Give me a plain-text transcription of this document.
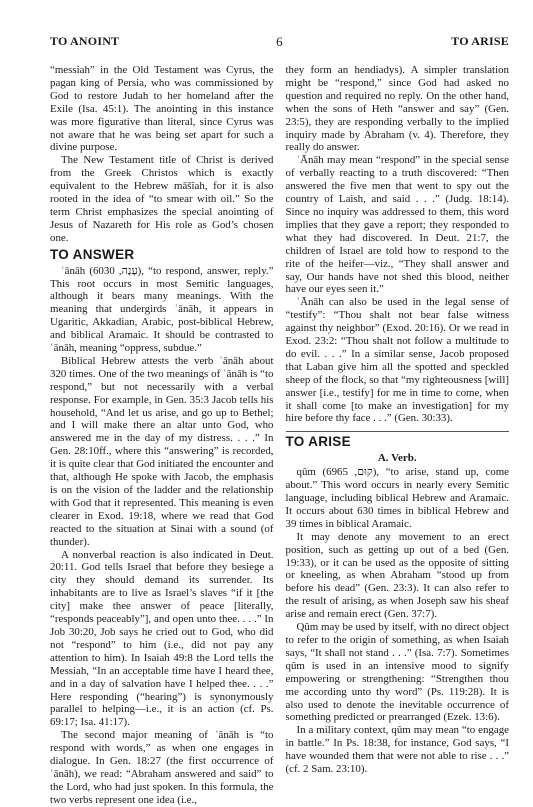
TO ANOINT	6	TO ARISE

“messiah” in the Old Testament was Cyrus, the pagan king of Persia, who was commissioned by God to restore Judah to her homeland after the Exile (Isa. 45:1). The anointing in this instance was more figurative than literal, since Cyrus was not aware that he was being set apart for such a divine purpose.

The New Testament title of Christ is derived from the Greek Christos which is exactly equivalent to the Hebrew māšîah, for it is also rooted in the idea of “to smear with oil.” So the term Christ emphasizes the special anointing of Jesus of Nazareth for His role as God’s chosen one.

TO ANSWER

ʿānāh (עָנָה, 6030), “to respond, answer, reply.” This root occurs in most Semitic languages, although it bears many meanings. With the meaning that undergirds ʿānāh, it appears in Ugaritic, Akkadian, Arabic, post-biblical Hebrew, and biblical Aramaic. It should be contrasted to ʿānāh, meaning “oppress, subdue.”

Biblical Hebrew attests the verb ʿānāh about 320 times. One of the two meanings of ʿānāh is “to respond,” but not necessarily with a verbal response. For example, in Gen. 35:3 Jacob tells his household, “And let us arise, and go up to Bethel; and I will make there an altar unto God, who answered me in the day of my distress. . . .” In Gen. 28:10ff., where this “answering” is recorded, it is quite clear that God initiated the encounter and that, although He spoke with Jacob, the emphasis is on the vision of the ladder and the relationship with God that it represented. This meaning is even clearer in Exod. 19:18, where we read that God reacted to the situation at Sinai with a sound (of thunder).

A nonverbal reaction is also indicated in Deut. 20:11. God tells Israel that before they besiege a city they should demand its surrender. Its inhabitants are to live as Israel’s slaves “if it [the city] make thee answer of peace [literally, “responds peaceably”], and open unto thee. . . .” In Job 30:20, Job says he cried out to God, who did not “respond” to him (i.e., did not pay any attention to him). In Isaiah 49:8 the Lord tells the Messiah, “In an acceptable time have I heard thee, and in a day of salvation have I helped thee. . . .” Here responding (“hearing”) is synonymously parallel to helping—i.e., it is an action (cf. Ps. 69:17; Isa. 41:17).

The second major meaning of ʿānāh is “to respond with words,” as when one engages in dialogue. In Gen. 18:27 (the first occurrence of ʿānāh), we read: “Abraham answered and said” to the Lord, who had just spoken. In this formula, the two verbs represent one idea (i.e.,

they form an hendiadys). A simpler translation might be “respond,” since God had asked no question and required no reply. On the other hand, when the sons of Heth “answer and say” (Gen. 23:5), they are responding verbally to the implied inquiry made by Abraham (v. 4). Therefore, they really do answer.

ʿĀnāh may mean “respond” in the special sense of verbally reacting to a truth discovered: “Then answered the five men that went to spy out the country of Laish, and said . . .” (Judg. 18:14). Since no inquiry was addressed to them, this word implies that they gave a report; they responded to what they had discovered. In Deut. 21:7, the children of Israel are told how to respond to the rite of the heifer—viz., “They shall answer and say, Our hands have not shed this blood, neither have our eyes seen it.”

ʿĀnāh can also be used in the legal sense of “testify”: “Thou shalt not bear false witness against thy neighbor” (Exod. 20:16). Or we read in Exod. 23:2: “Thou shalt not follow a multitude to do evil. . . .” In a similar sense, Jacob proposed that Laban give him all the spotted and speckled sheep of the flock, so that “my righteousness [will] answer [i.e., testify] for me in time to come, when it shall come [to make an investigation] for my hire before thy face . . .” (Gen. 30:33).

TO ARISE
A. Verb.

qûm (קוּם, 6965), “to arise, stand up, come about.” This word occurs in nearly every Semitic language, including biblical Hebrew and Aramaic. It occurs about 630 times in biblical Hebrew and 39 times in biblical Aramaic.

It may denote any movement to an erect position, such as getting up out of a bed (Gen. 19:33), or it can be used as the opposite of sitting or kneeling, as when Abraham “stood up from before his dead” (Gen. 23:3). It can also refer to the result of arising, as when Joseph saw his sheaf arise and remain erect (Gen. 37:7).

Qûm may be used by itself, with no direct object to refer to the origin of something, as when Isaiah says, “It shall not stand . . .” (Isa. 7:7). Sometimes qûm is used in an intensive mood to signify empowering or strengthening: “Strengthen thou me according unto thy word” (Ps. 119:28). It is also used to denote the inevitable occurrence of something predicted or prearranged (Ezek. 13:6).

In a military context, qûm may mean “to engage in battle.” In Ps. 18:38, for instance, God says, “I have wounded them that were not able to rise . . .” (cf. 2 Sam. 23:10).
